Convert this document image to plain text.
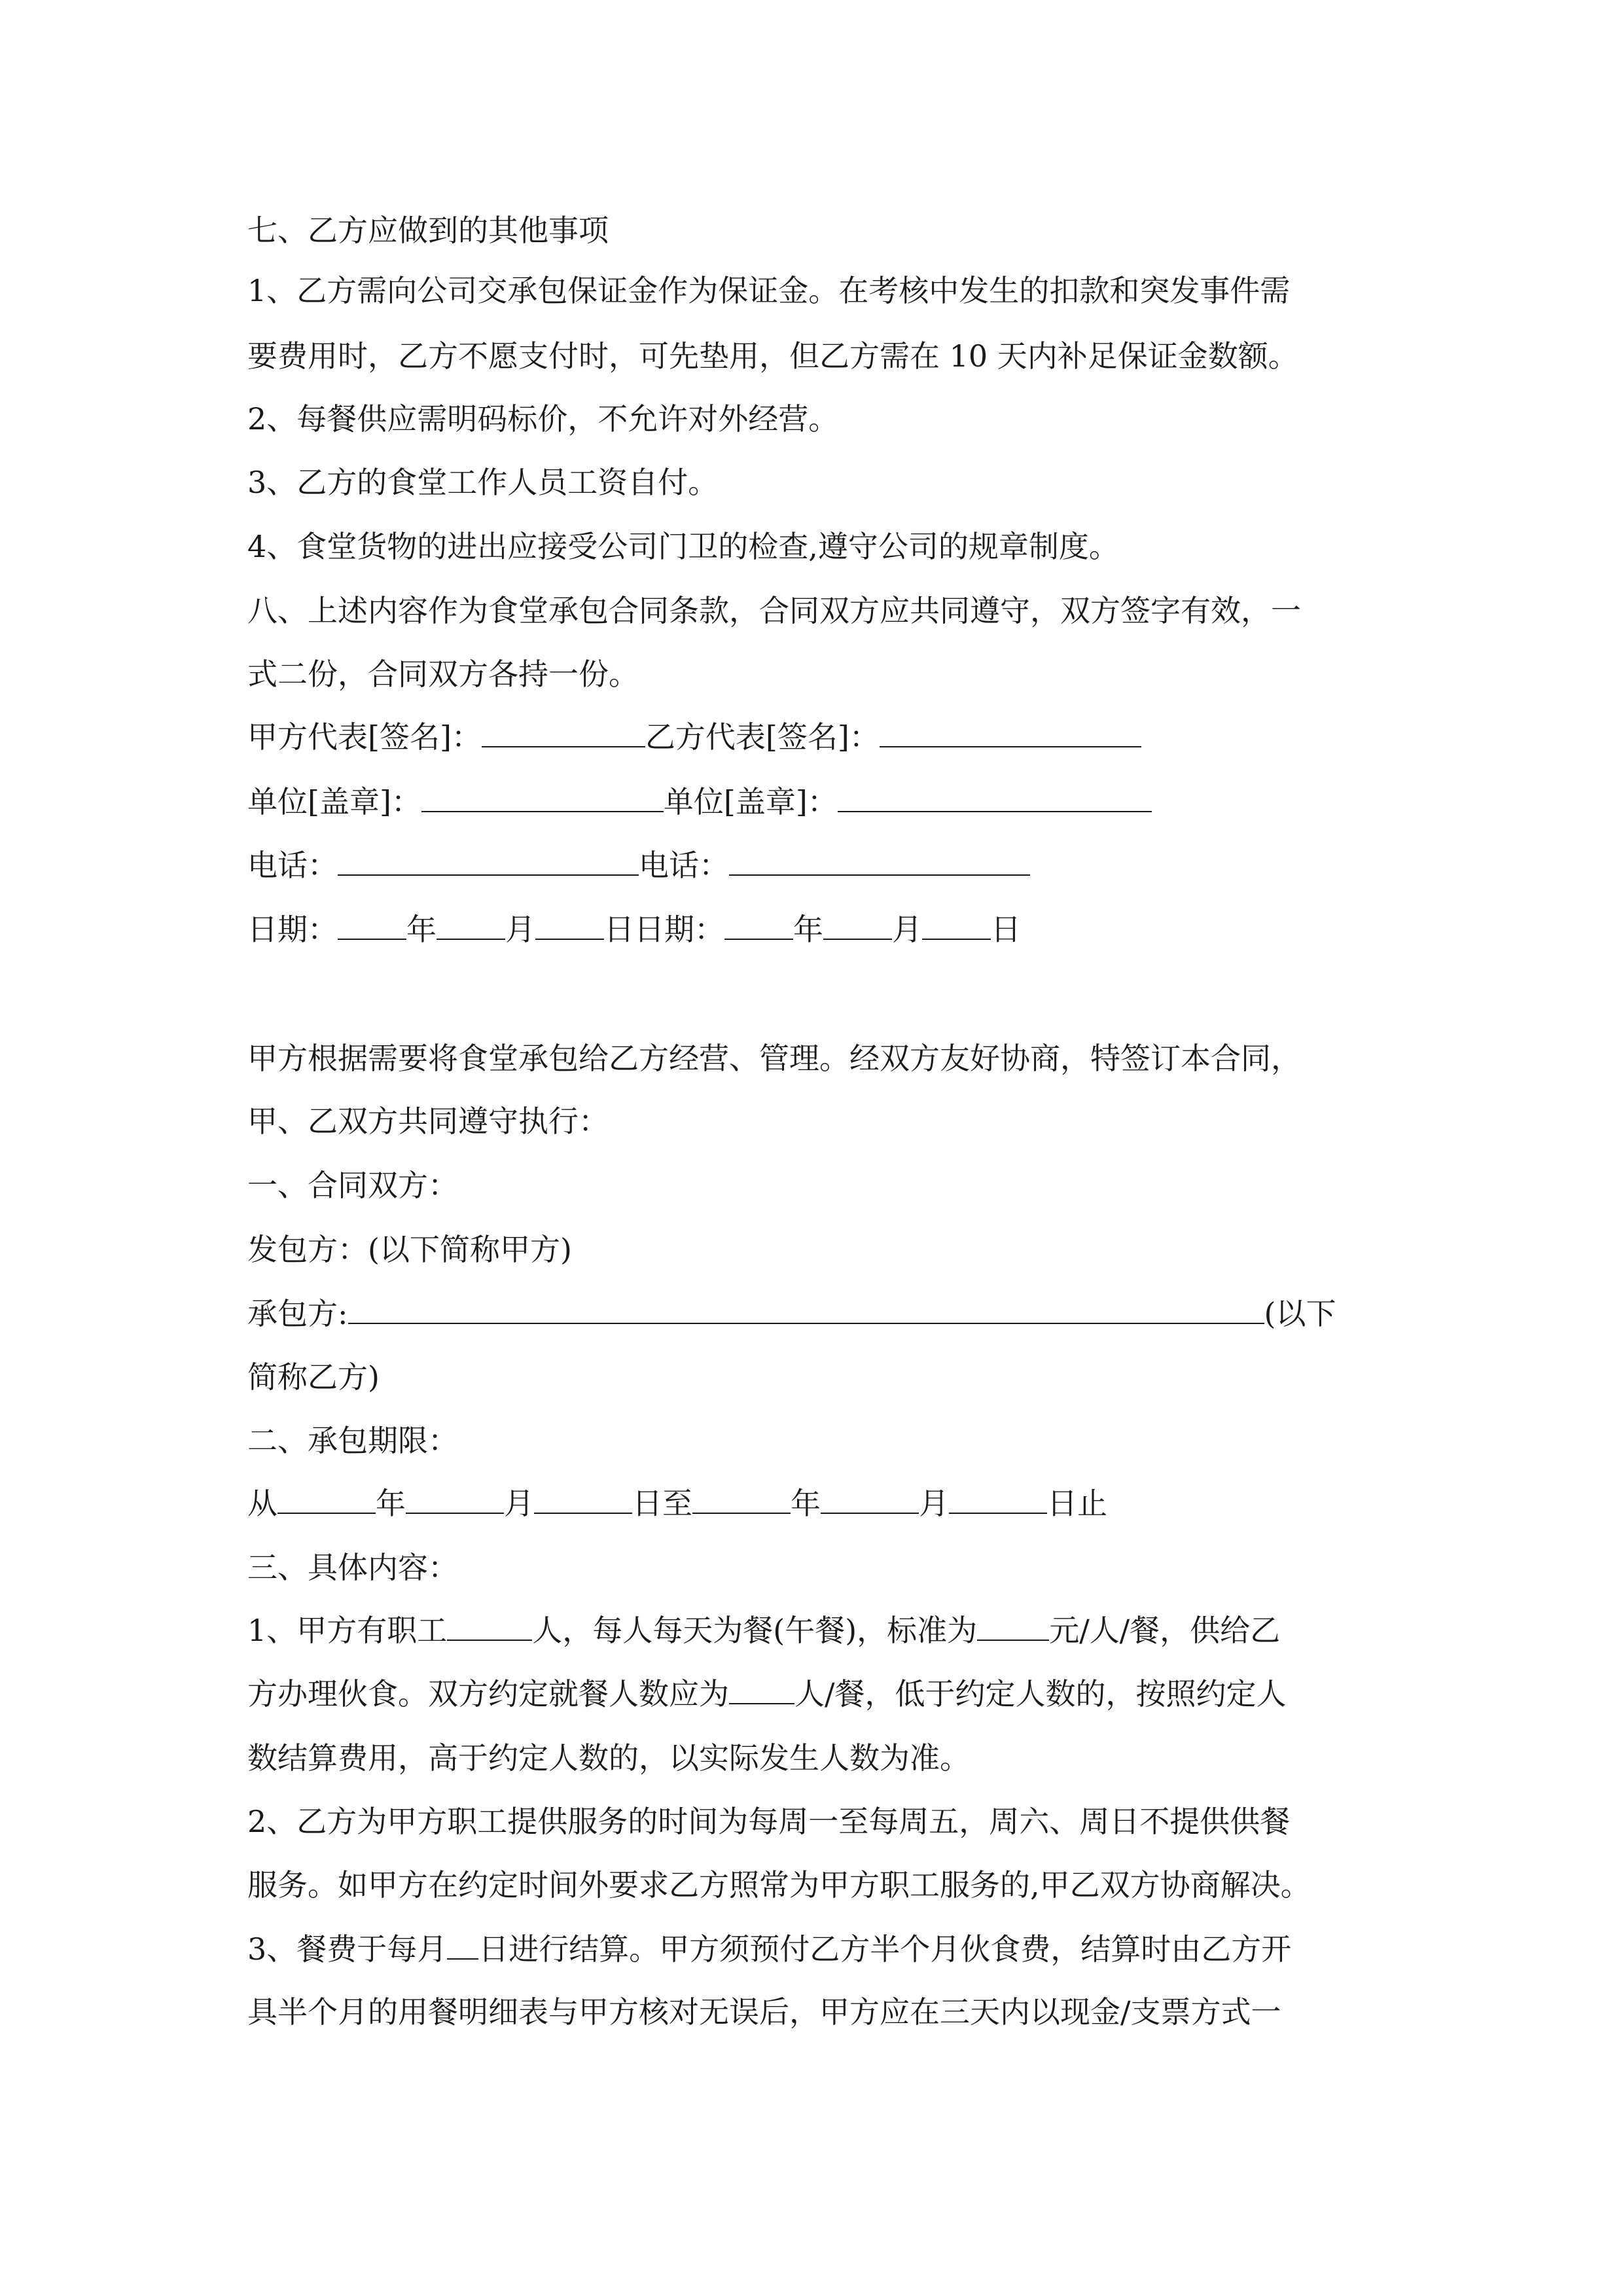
七、乙方应做到的其他事项
1、乙方需向公司交承包保证金作为保证金。在考核中发生的扣款和突发事件需
要费用时，乙方不愿支付时，可先垫用，但乙方需在 10 天内补足保证金数额。
2、每餐供应需明码标价，不允许对外经营。
3、乙方的食堂工作人员工资自付。
4、食堂货物的进出应接受公司门卫的检查,遵守公司的规章制度。
八、上述内容作为食堂承包合同条款，合同双方应共同遵守，双方签字有效，一
式二份，合同双方各持一份。
甲方代表[签名]：	乙方代表[签名]：
单位[盖章]：	单位[盖章]：
电话：	电话：
日期： 年 月 日日期： 年 月 日
甲方根据需要将食堂承包给乙方经营、管理。经双方友好协商，特签订本合同，
甲、乙双方共同遵守执行：
一、合同双方：
发包方：(以下简称甲方)
承包方:	(以下
简称乙方)
二、承包期限：
从	年	月	日至	年	月	日止
三、具体内容：
1、甲方有职工	人，每人每天为餐(午餐)，标准为 元/人/餐，供给乙
方办理伙食。双方约定就餐人数应为 人/餐，低于约定人数的，按照约定人
数结算费用，高于约定人数的，以实际发生人数为准。
2、乙方为甲方职工提供服务的时间为每周一至每周五，周六、周日不提供供餐
服务。如甲方在约定时间外要求乙方照常为甲方职工服务的,甲乙双方协商解决。
3、餐费于每月 日进行结算。甲方须预付乙方半个月伙食费，结算时由乙方开
具半个月的用餐明细表与甲方核对无误后，甲方应在三天内以现金/支票方式一
